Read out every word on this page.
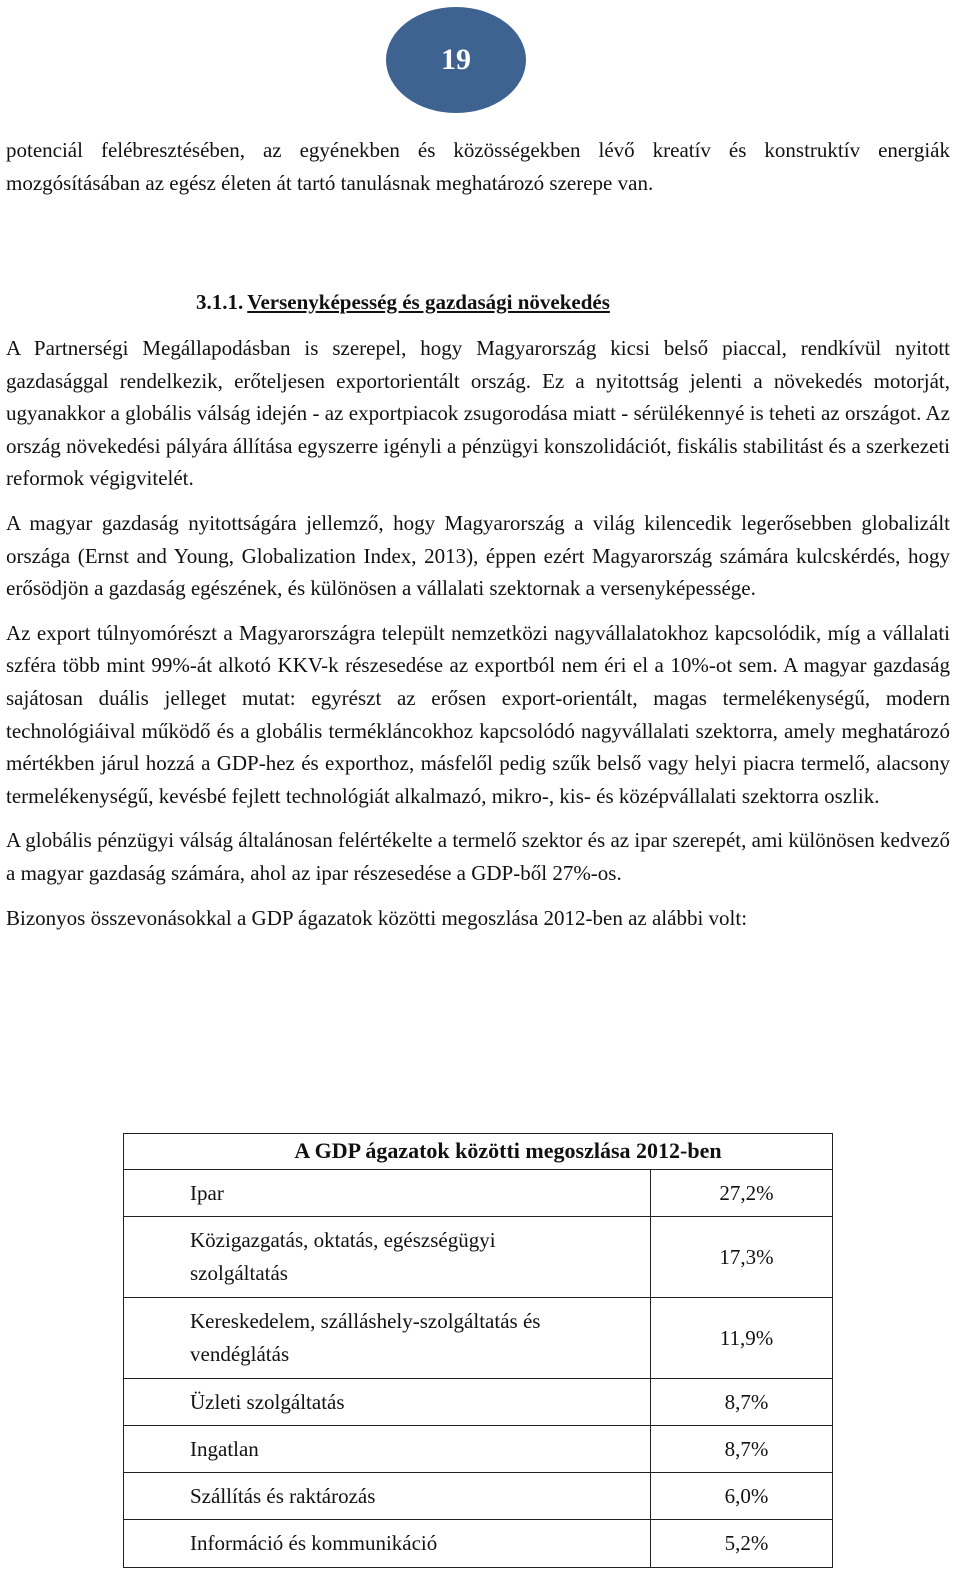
19

potenciál felébresztésében, az egyénekben és közösségekben lévő kreatív és konstruktív energiák mozgósításában az egész életen át tartó tanulásnak meghatározó szerepe van.

3.1.1. Versenyképesség és gazdasági növekedés

A Partnerségi Megállapodásban is szerepel, hogy Magyarország kicsi belső piaccal, rendkívül nyitott gazdasággal rendelkezik, erőteljesen exportorientált ország. Ez a nyitottság jelenti a növekedés motorját, ugyanakkor a globális válság idején - az exportpiacok zsugorodása miatt - sérülékennyé is teheti az országot. Az ország növekedési pályára állítása egyszerre igényli a pénzügyi konszolidációt, fiskális stabilitást és a szerkezeti reformok végigvitelét.

A magyar gazdaság nyitottságára jellemző, hogy Magyarország a világ kilencedik legerősebben globalizált országa (Ernst and Young, Globalization Index, 2013), éppen ezért Magyarország számára kulcskérdés, hogy erősödjön a gazdaság egészének, és különösen a vállalati szektornak a versenyképessége.

Az export túlnyomórészt a Magyarországra települt nemzetközi nagyvállalatokhoz kapcsolódik, míg a vállalati szféra több mint 99%-át alkotó KKV-k részesedése az exportból nem éri el a 10%-ot sem. A magyar gazdaság sajátosan duális jelleget mutat: egyrészt az erősen export-orientált, magas termelékenységű, modern technológiáival működő és a globális termékláncokhoz kapcsolódó nagyvállalati szektorra, amely meghatározó mértékben járul hozzá a GDP-hez és exporthoz, másfelől pedig szűk belső vagy helyi piacra termelő, alacsony termelékenységű, kevésbé fejlett technológiát alkalmazó, mikro-, kis- és középvállalati szektorra oszlik.

A globális pénzügyi válság általánosan felértékelte a termelő szektor és az ipar szerepét, ami különösen kedvező a magyar gazdaság számára, ahol az ipar részesedése a GDP-ből 27%-os.

Bizonyos összevonásokkal a GDP ágazatok közötti megoszlása 2012-ben az alábbi volt:

A GDP ágazatok közötti megoszlása 2012-ben
Ipar	27,2%
Közigazgatás, oktatás, egészségügyi szolgáltatás
17,3%
Kereskedelem, szálláshely-szolgáltatás és vendéglátás
11,9%
Üzleti szolgáltatás	8,7%
Ingatlan	8,7%
Szállítás és raktározás	6,0%
Információ és kommunikáció	5,2%
